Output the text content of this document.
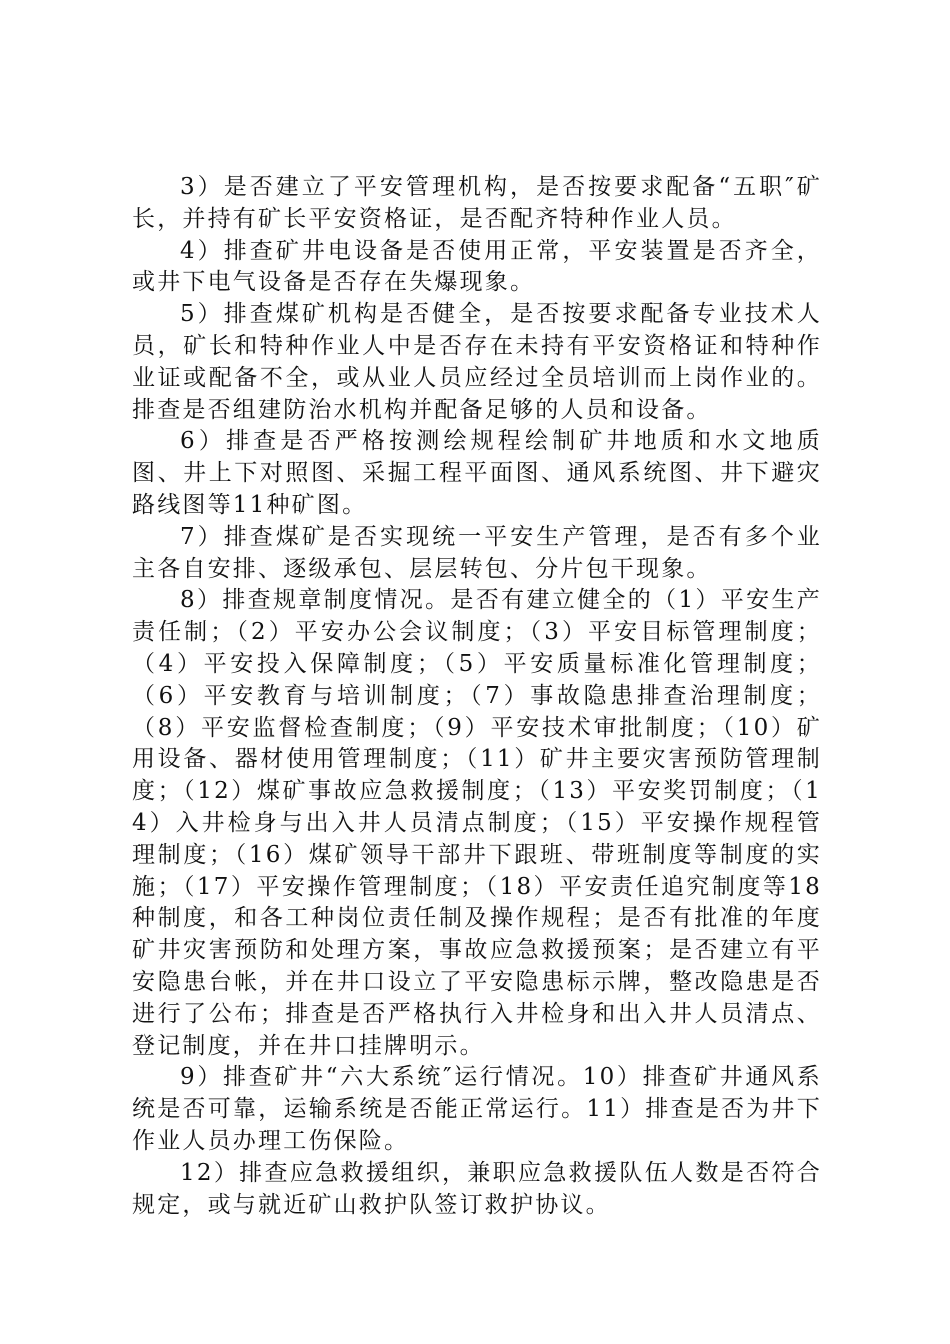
3）是否建立了平安管理机构，是否按要求配备“五职″矿长，并持有矿长平安资格证，是否配齐特种作业人员。

4）排查矿井电设备是否使用正常，平安装置是否齐全，或井下电气设备是否存在失爆现象。

5）排查煤矿机构是否健全，是否按要求配备专业技术人员，矿长和特种作业人中是否存在未持有平安资格证和特种作业证或配备不全，或从业人员应经过全员培训而上岗作业的。排查是否组建防治水机构并配备足够的人员和设备。

6）排查是否严格按测绘规程绘制矿井地质和水文地质图、井上下对照图、采掘工程平面图、通风系统图、井下避灾路线图等11种矿图。

7）排查煤矿是否实现统一平安生产管理，是否有多个业主各自安排、逐级承包、层层转包、分片包干现象。

8）排查规章制度情况。是否有建立健全的（1）平安生产责任制；（2）平安办公会议制度；（3）平安目标管理制度；（4）平安投入保障制度；（5）平安质量标准化管理制度；（6）平安教育与培训制度；（7）事故隐患排查治理制度；（8）平安监督检查制度；（9）平安技术审批制度；（10）矿用设备、器材使用管理制度；（11）矿井主要灾害预防管理制度；（12）煤矿事故应急救援制度；（13）平安奖罚制度；（14）入井检身与出入井人员清点制度；（15）平安操作规程管理制度；（16）煤矿领导干部井下跟班、带班制度等制度的实施；（17）平安操作管理制度；（18）平安责任追究制度等18种制度，和各工种岗位责任制及操作规程；是否有批准的年度矿井灾害预防和处理方案，事故应急救援预案；是否建立有平安隐患台帐，并在井口设立了平安隐患标示牌，整改隐患是否进行了公布；排查是否严格执行入井检身和出入井人员清点、登记制度，并在井口挂牌明示。

9）排查矿井“六大系统″运行情况。10）排查矿井通风系统是否可靠，运输系统是否能正常运行。11）排查是否为井下作业人员办理工伤保险。

12）排查应急救援组织，兼职应急救援队伍人数是否符合规定，或与就近矿山救护队签订救护协议。
